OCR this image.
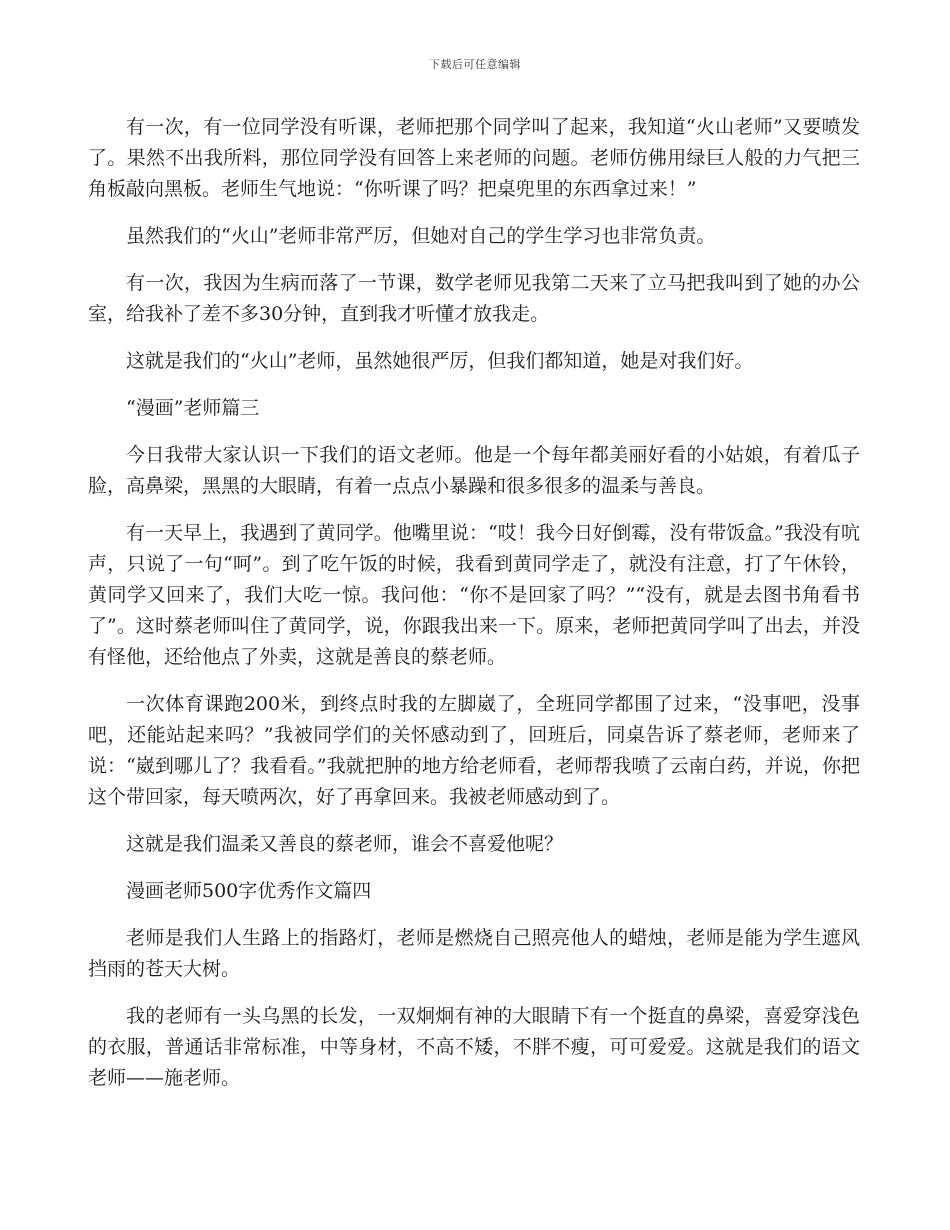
下载后可任意编辑

有一次，有一位同学没有听课，老师把那个同学叫了起来，我知道“火山老师”又要喷发了。果然不出我所料，那位同学没有回答上来老师的问题。老师仿佛用绿巨人般的力气把三角板敲向黑板。老师生气地说：“你听课了吗？把桌兜里的东西拿过来！”

虽然我们的“火山”老师非常严厉，但她对自己的学生学习也非常负责。

有一次，我因为生病而落了一节课，数学老师见我第二天来了立马把我叫到了她的办公室，给我补了差不多30分钟，直到我才听懂才放我走。

这就是我们的“火山”老师，虽然她很严厉，但我们都知道，她是对我们好。

“漫画”老师篇三

今日我带大家认识一下我们的语文老师。他是一个每年都美丽好看的小姑娘，有着瓜子脸，高鼻梁，黑黑的大眼睛，有着一点点小暴躁和很多很多的温柔与善良。

有一天早上，我遇到了黄同学。他嘴里说：“哎！我今日好倒霉，没有带饭盒。”我没有吭声，只说了一句“呵”。到了吃午饭的时候，我看到黄同学走了，就没有注意，打了午休铃，黄同学又回来了，我们大吃一惊。我问他：“你不是回家了吗？”“没有，就是去图书角看书了”。这时蔡老师叫住了黄同学，说，你跟我出来一下。原来，老师把黄同学叫了出去，并没有怪他，还给他点了外卖，这就是善良的蔡老师。

一次体育课跑200米，到终点时我的左脚崴了，全班同学都围了过来，“没事吧，没事吧，还能站起来吗？”我被同学们的关怀感动到了，回班后，同桌告诉了蔡老师，老师来了说：“崴到哪儿了？我看看。”我就把肿的地方给老师看，老师帮我喷了云南白药，并说，你把这个带回家，每天喷两次，好了再拿回来。我被老师感动到了。

这就是我们温柔又善良的蔡老师，谁会不喜爱他呢？

漫画老师500字优秀作文篇四

老师是我们人生路上的指路灯，老师是燃烧自己照亮他人的蜡烛，老师是能为学生遮风挡雨的苍天大树。

我的老师有一头乌黑的长发，一双炯炯有神的大眼睛下有一个挺直的鼻梁，喜爱穿浅色的衣服，普通话非常标准，中等身材，不高不矮，不胖不瘦，可可爱爱。这就是我们的语文老师——施老师。
